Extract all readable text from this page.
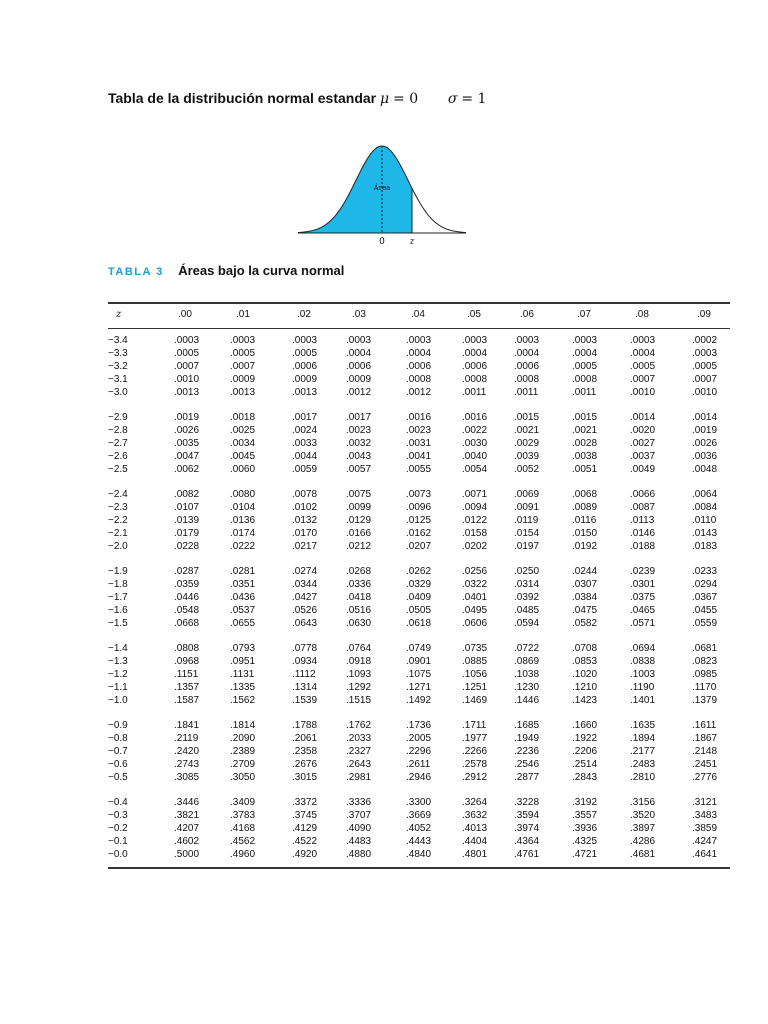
Tabla de la distribución normal estandar μ = 0 σ = 1
Área
0	z
TABLA 3 Áreas bajo la curva normal
z	.00	.01	.02	.03	.04	.05	.06	.07	.08	.09
−3.4	.0003	.0003	.0003	.0003	.0003	.0003	.0003	.0003	.0003	.0002
−3.3	.0005	.0005	.0005	.0004	.0004	.0004	.0004	.0004	.0004	.0003
−3.2	.0007	.0007	.0006	.0006	.0006	.0006	.0006	.0005	.0005	.0005
−3.1	.0010	.0009	.0009	.0009	.0008	.0008	.0008	.0008	.0007	.0007
−3.0	.0013	.0013	.0013	.0012	.0012	.0011	.0011	.0011	.0010	.0010
−2.9	.0019	.0018	.0017	.0017	.0016	.0016	.0015	.0015	.0014	.0014
−2.8	.0026	.0025	.0024	.0023	.0023	.0022	.0021	.0021	.0020	.0019
−2.7	.0035	.0034	.0033	.0032	.0031	.0030	.0029	.0028	.0027	.0026
−2.6	.0047	.0045	.0044	.0043	.0041	.0040	.0039	.0038	.0037	.0036
−2.5	.0062	.0060	.0059	.0057	.0055	.0054	.0052	.0051	.0049	.0048
−2.4	.0082	.0080	.0078	.0075	.0073	.0071	.0069	.0068	.0066	.0064
−2.3	.0107	.0104	.0102	.0099	.0096	.0094	.0091	.0089	.0087	.0084
−2.2	.0139	.0136	.0132	.0129	.0125	.0122	.0119	.0116	.0113	.0110
−2.1	.0179	.0174	.0170	.0166	.0162	.0158	.0154	.0150	.0146	.0143
−2.0	.0228	.0222	.0217	.0212	.0207	.0202	.0197	.0192	.0188	.0183
−1.9	.0287	.0281	.0274	.0268	.0262	.0256	.0250	.0244	.0239	.0233
−1.8	.0359	.0351	.0344	.0336	.0329	.0322	.0314	.0307	.0301	.0294
−1.7	.0446	.0436	.0427	.0418	.0409	.0401	.0392	.0384	.0375	.0367
−1.6	.0548	.0537	.0526	.0516	.0505	.0495	.0485	.0475	.0465	.0455
−1.5	.0668	.0655	.0643	.0630	.0618	.0606	.0594	.0582	.0571	.0559
−1.4	.0808	.0793	.0778	.0764	.0749	.0735	.0722	.0708	.0694	.0681
−1.3	.0968	.0951	.0934	.0918	.0901	.0885	.0869	.0853	.0838	.0823
−1.2	.1151	.1131	.1112	.1093	.1075	.1056	.1038	.1020	.1003	.0985
−1.1	.1357	.1335	.1314	.1292	.1271	.1251	.1230	.1210	.1190	.1170
−1.0	.1587	.1562	.1539	.1515	.1492	.1469	.1446	.1423	.1401	.1379
−0.9	.1841	.1814	.1788	.1762	.1736	.1711	.1685	.1660	.1635	.1611
−0.8	.2119	.2090	.2061	.2033	.2005	.1977	.1949	.1922	.1894	.1867
−0.7	.2420	.2389	.2358	.2327	.2296	.2266	.2236	.2206	.2177	.2148
−0.6	.2743	.2709	.2676	.2643	.2611	.2578	.2546	.2514	.2483	.2451
−0.5	.3085	.3050	.3015	.2981	.2946	.2912	.2877	.2843	.2810	.2776
−0.4	.3446	.3409	.3372	.3336	.3300	.3264	.3228	.3192	.3156	.3121
−0.3	.3821	.3783	.3745	.3707	.3669	.3632	.3594	.3557	.3520	.3483
−0.2	.4207	.4168	.4129	.4090	.4052	.4013	.3974	.3936	.3897	.3859
−0.1	.4602	.4562	.4522	.4483	.4443	.4404	.4364	.4325	.4286	.4247
−0.0	.5000	.4960	.4920	.4880	.4840	.4801	.4761	.4721	.4681	.4641
